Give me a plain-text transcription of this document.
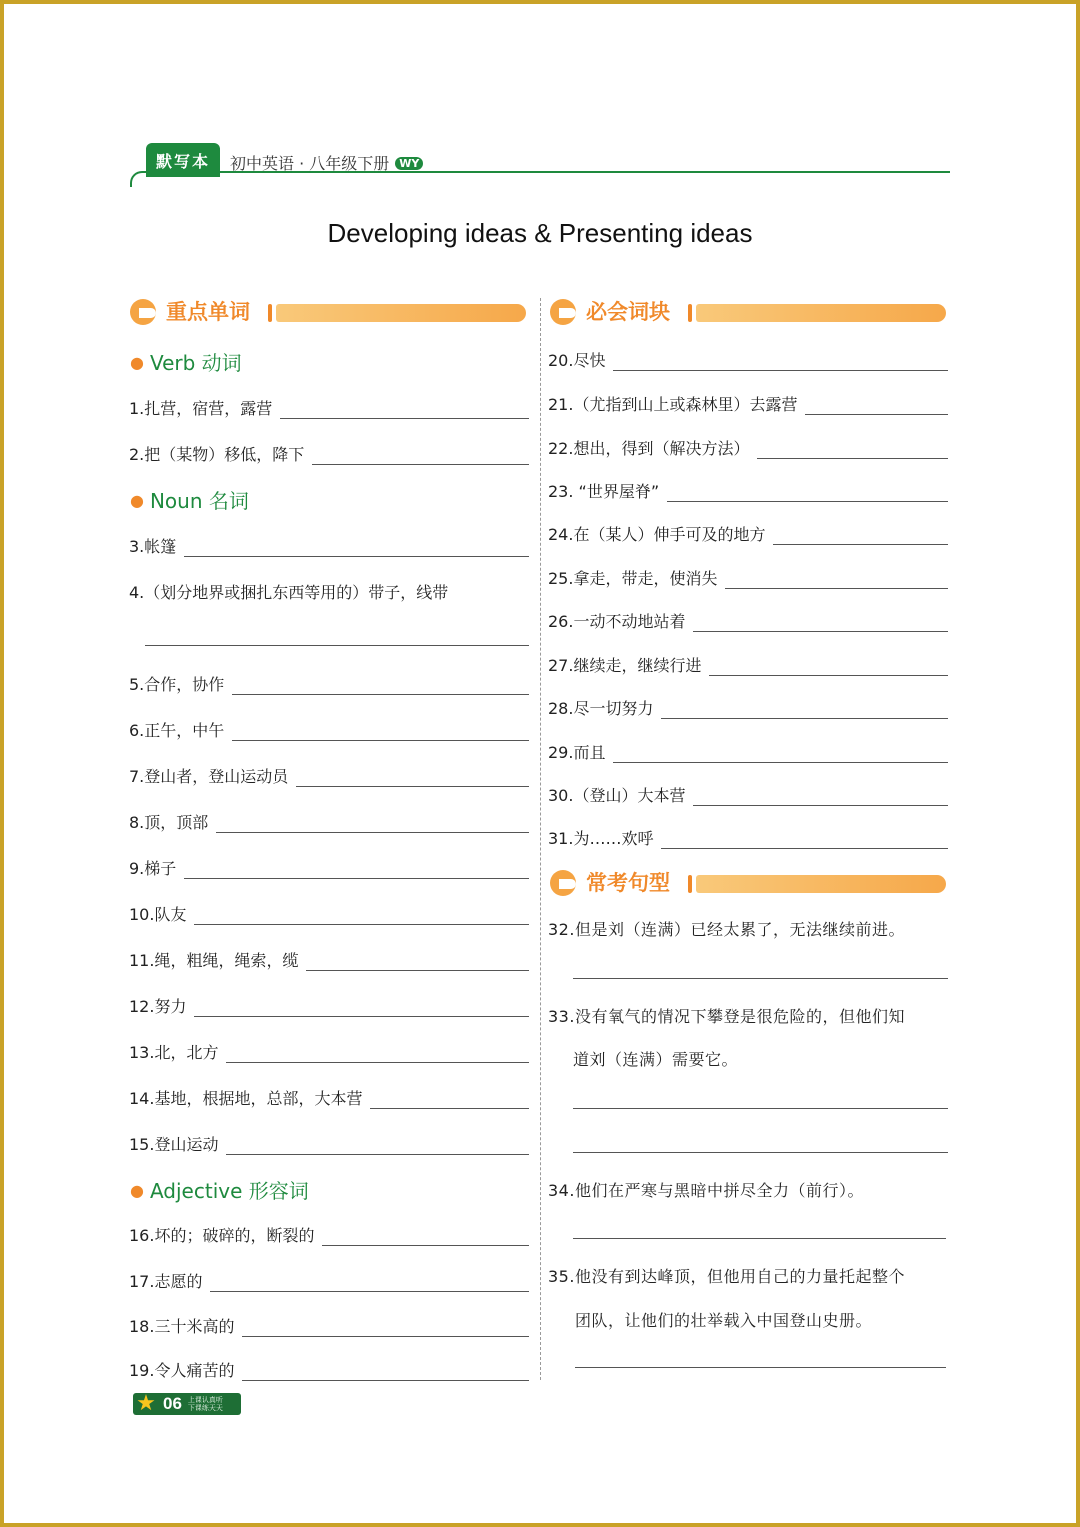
默写本	初中英语 · 八年级下册 WY
Developing ideas & Presenting ideas
重点单词
● Verb 动词
1.扎营，宿营，露营
2.把（某物）移低，降下
● Noun 名词
3.帐篷
4.（划分地界或捆扎东西等用的）带子，线带
5.合作，协作
6.正午，中午
7.登山者，登山运动员
8.顶，顶部
9.梯子
10.队友
11.绳，粗绳，绳索，缆
12.努力
13.北，北方
14.基地，根据地，总部，大本营
15.登山运动
● Adjective 形容词
16.坏的；破碎的，断裂的
17.志愿的
18.三十米高的
19.令人痛苦的
必会词块
20.尽快
21.（尤指到山上或森林里）去露营
22.想出，得到（解决方法）
23. “世界屋脊”
24.在（某人）伸手可及的地方
25.拿走，带走，使消失
26.一动不动地站着
27.继续走，继续行进
28.尽一切努力
29.而且
30.（登山）大本营
31.为……欢呼
常考句型
32.但是刘（连满）已经太累了，无法继续前进。
33.没有氧气的情况下攀登是很危险的，但他们知
道刘（连满）需要它。
34.他们在严寒与黑暗中拼尽全力（前行）。
35.他没有到达峰顶，但他用自己的力量托起整个
团队，让他们的壮举载入中国登山史册。
★ 06 上课认真听
下课练天天
